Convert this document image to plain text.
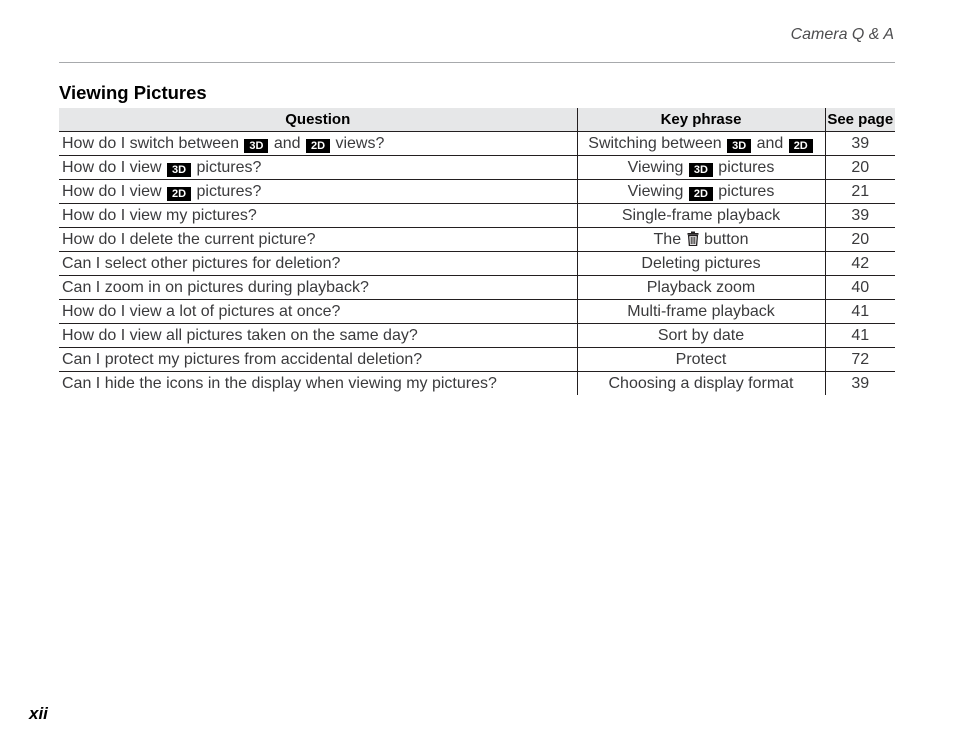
Camera Q & A
Viewing Pictures
Question	Key phrase	See page
How do I switch between 3D and 2D views?	Switching between 3D and 2D	39
How do I view 3D pictures?	Viewing 3D pictures	20
How do I view 2D pictures?	Viewing 2D pictures	21
How do I view my pictures?	Single-frame playback	39
How do I delete the current picture?	The  button	20
Can I select other pictures for deletion?	Deleting pictures	42
Can I zoom in on pictures during playback?	Playback zoom	40
How do I view a lot of pictures at once?	Multi-frame playback	41
How do I view all pictures taken on the same day?	Sort by date	41
Can I protect my pictures from accidental deletion?	Protect	72
Can I hide the icons in the display when viewing my pictures?	Choosing a display format	39
xii
